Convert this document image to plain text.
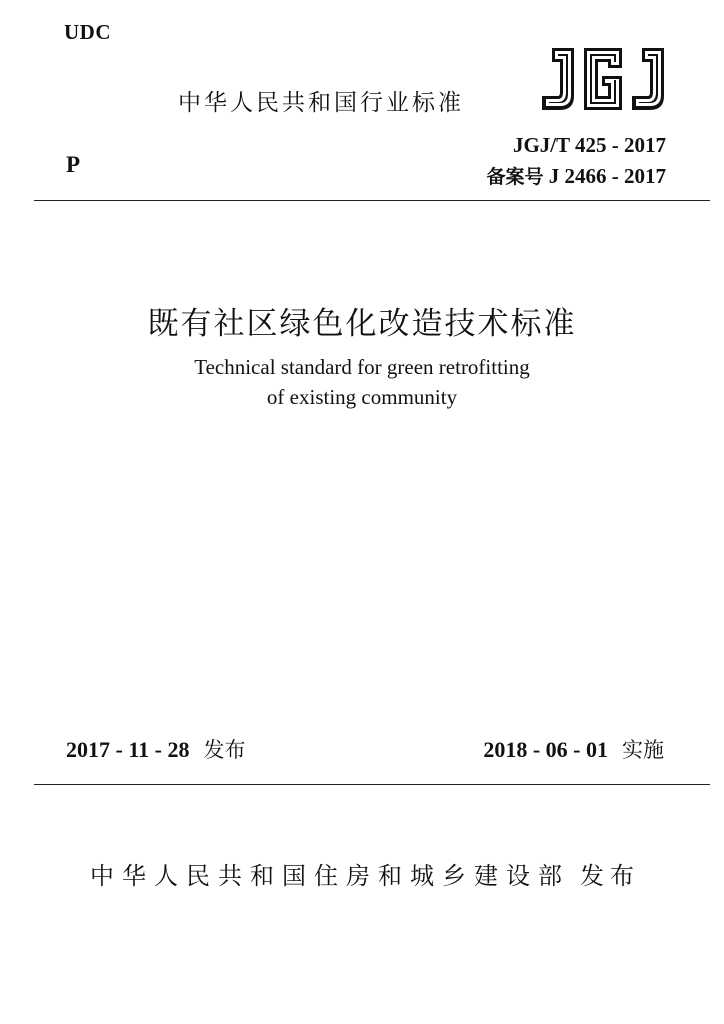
UDC
中华人民共和国行业标准	JGJ
P
JGJ/T 425 - 2017
备案号 J 2466 - 2017
既有社区绿色化改造技术标准
Technical standard for green retrofitting
of existing community
2017 - 11 - 28 发布	2018 - 06 - 01 实施
中华人民共和国住房和城乡建设部 发布
